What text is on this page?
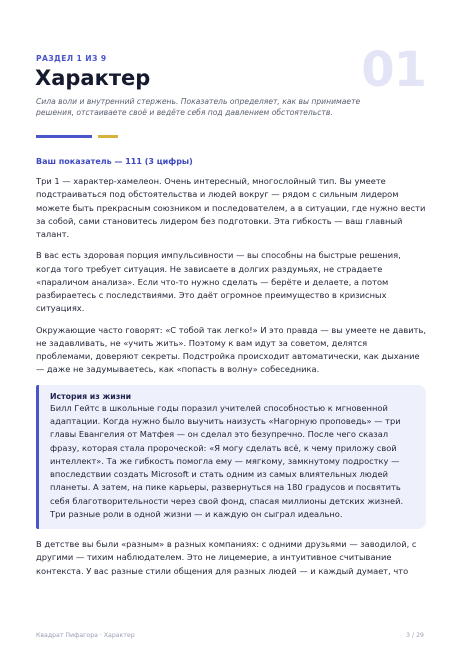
РАЗДЕЛ 1 ИЗ 9	01
Характер
Сила воли и внутренний стержень. Показатель определяет, как вы принимаете решения, отстаиваете своё и ведёте себя под давлением обстоятельств.
Ваш показатель — 111 (3 цифры)

Три 1 — характер-хамелеон. Очень интересный, многослойный тип. Вы умеете подстраиваться под обстоятельства и людей вокруг — рядом с сильным лидером можете быть прекрасным союзником и последователем, а в ситуации, где нужно вести за собой, сами становитесь лидером без подготовки. Эта гибкость — ваш главный талант.

В вас есть здоровая порция импульсивности — вы способны на быстрые решения, когда того требует ситуация. Не зависаете в долгих раздумьях, не страдаете «параличом анализа». Если что-то нужно сделать — берёте и делаете, а потом разбираетесь с последствиями. Это даёт огромное преимущество в кризисных ситуациях.

Окружающие часто говорят: «С тобой так легко!» И это правда — вы умеете не давить, не задавливать, не «учить жить». Поэтому к вам идут за советом, делятся проблемами, доверяют секреты. Подстройка происходит автоматически, как дыхание — даже не задумываетесь, как «попасть в волну» собеседника.

История из жизни
Билл Гейтс в школьные годы поразил учителей способностью к мгновенной адаптации. Когда нужно было выучить наизусть «Нагорную проповедь» — три главы Евангелия от Матфея — он сделал это безупречно. После чего сказал фразу, которая стала пророческой: «Я могу сделать всё, к чему приложу свой интеллект». Та же гибкость помогла ему — мягкому, замкнутому подростку — впоследствии создать Microsoft и стать одним из самых влиятельных людей планеты. А затем, на пике карьеры, развернуться на 180 градусов и посвятить себя благотворительности через свой фонд, спасая миллионы детских жизней. Три разные роли в одной жизни — и каждую он сыграл идеально.

В детстве вы были «разным» в разных компаниях: с одними друзьями — заводилой, с другими — тихим наблюдателем. Это не лицемерие, а интуитивное считывание контекста. У вас разные стили общения для разных людей — и каждый думает, что

Квадрат Пифагора · Характер	3 / 29
